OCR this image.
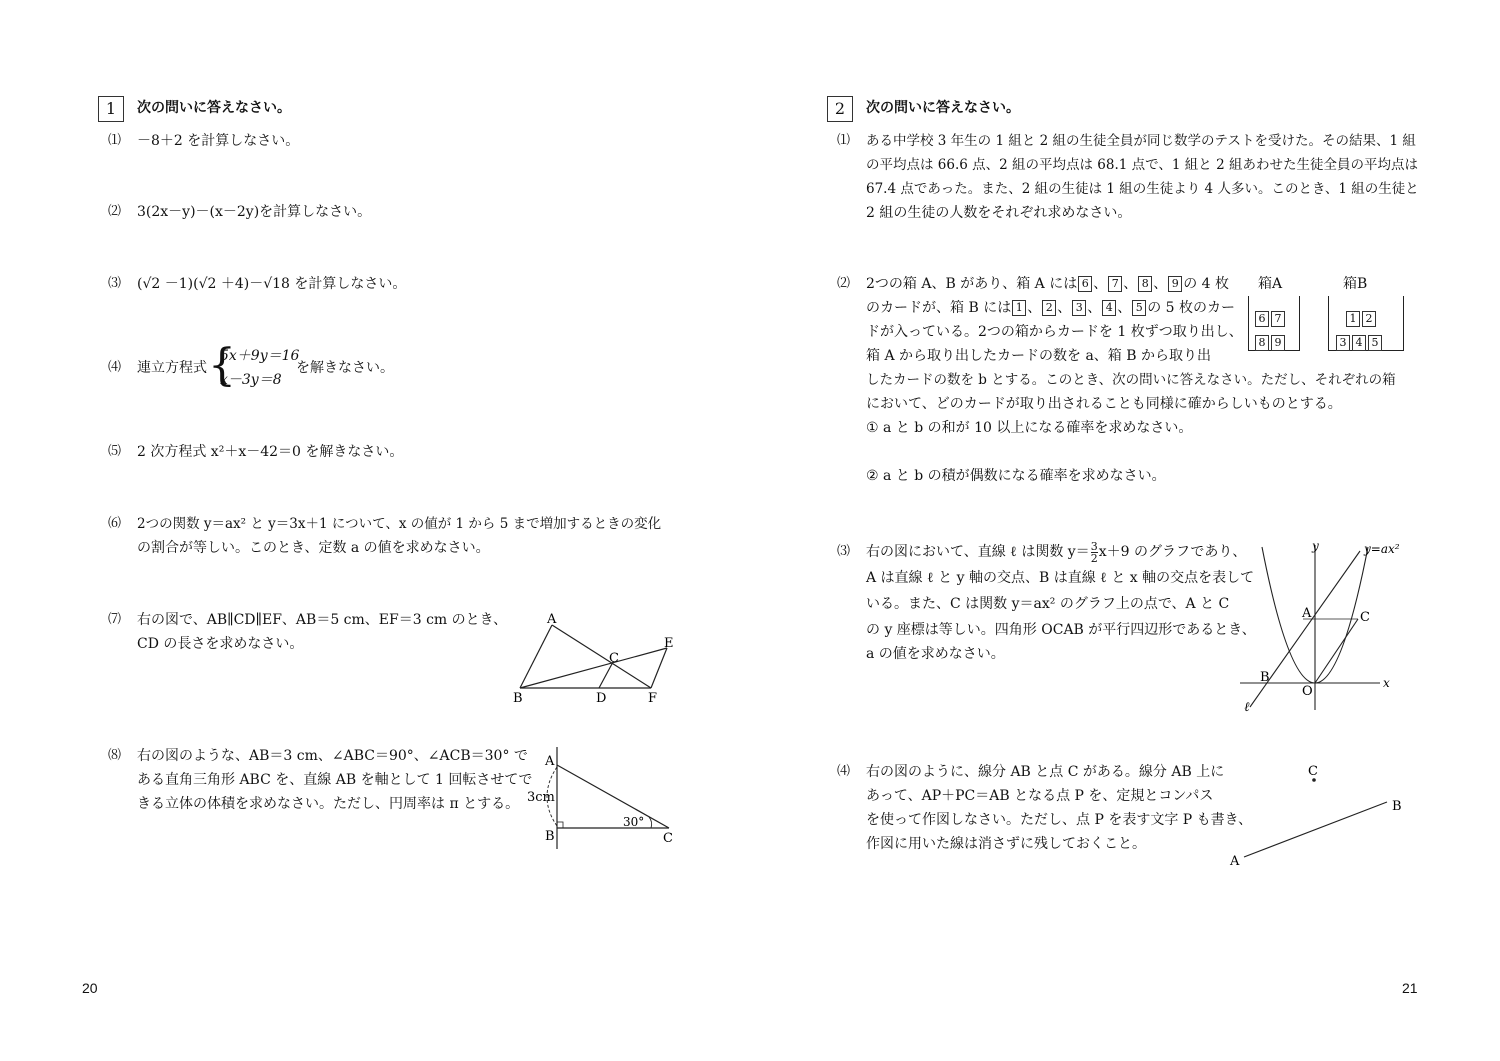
1	次の問いに答えなさい。
⑴ －8＋2 を計算しなさい。
⑵ 3(2x－y)－(x－2y)を計算しなさい。
⑶ (√2 －1)(√2 ＋4)－√18 を計算しなさい。
⑷ 連立方程式 {
5x＋9y＝16
x－3y＝8
を解きなさい。
⑸ 2 次方程式 x²＋x－42＝0 を解きなさい。
⑹ 2つの関数 y＝ax² と y＝3x＋1 について、x の値が 1 から 5 まで増加するときの変化
の割合が等しい。このとき、定数 a の値を求めなさい。
⑺ 右の図で、AB∥CD∥EF、AB＝5 cm、EF＝3 cm のとき、
CD の長さを求めなさい。
A
B
C
D
E
F
⑻ 右の図のような、AB＝3 cm、∠ABC＝90°、∠ACB＝30° で
ある直角三角形 ABC を、直線 AB を軸として 1 回転させてで
きる立体の体積を求めなさい。ただし、円周率は π とする。
A
B	C
3cm
30°
20
2	次の問いに答えなさい。
⑴ ある中学校 3 年生の 1 組と 2 組の生徒全員が同じ数学のテストを受けた。その結果、1 組
の平均点は 66.6 点、2 組の平均点は 68.1 点で、1 組と 2 組あわせた生徒全員の平均点は
67.4 点であった。また、2 組の生徒は 1 組の生徒より 4 人多い。このとき、1 組の生徒と
2 組の生徒の人数をそれぞれ求めなさい。
⑵ 2つの箱 A、B があり、箱 A には 6 、 7 、 8 、 9 の 4 枚
のカードが、箱 B には 1 、 2 、 3 、 4 、 5 の 5 枚のカー
ドが入っている。2つの箱からカードを 1 枚ずつ取り出し、
箱 A から取り出したカードの数を a、箱 B から取り出
したカードの数を b とする。このとき、次の問いに答えなさい。ただし、それぞれの箱
において、どのカードが取り出されることも同様に確からしいものとする。
① a と b の和が 10 以上になる確率を求めなさい。
② a と b の積が偶数になる確率を求めなさい。
箱A	箱B
6 7
8 9
1 2
3 4 5
⑶ 右の図において、直線 ℓ は関数 $y= \frac{3}{2} x+9$ のグラフであり、
A は直線 ℓ と y 軸の交点、B は直線 ℓ と x 軸の交点を表して
いる。また、C は関数 y＝ax² のグラフ上の点で、A と C
の y 座標は等しい。四角形 OCAB が平行四辺形であるとき、
a の値を求めなさい。
y	y=ax²
A	C
B
O
x
ℓ
⑷ 右の図のように、線分 AB と点 C がある。線分 AB 上に
あって、AP＋PC＝AB となる点 P を、定規とコンパス
を使って作図しなさい。ただし、点 P を表す文字 P も書き、
作図に用いた線は消さずに残しておくこと。
C
B
A
21
